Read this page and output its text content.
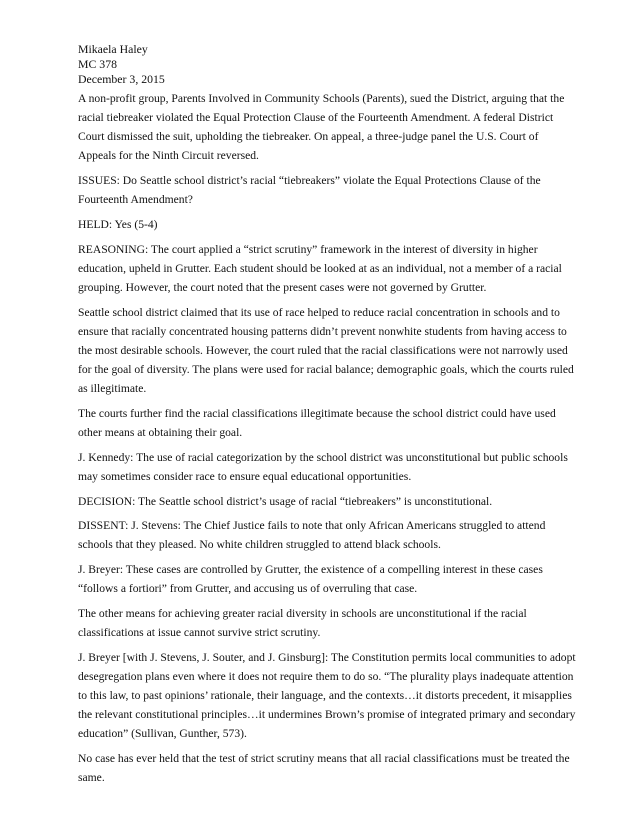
Mikaela Haley

MC 378

December 3, 2015

A non-profit group, Parents Involved in Community Schools (Parents), sued the District, arguing that the racial tiebreaker violated the Equal Protection Clause of the Fourteenth Amendment. A federal District Court dismissed the suit, upholding the tiebreaker. On appeal, a three-judge panel the U.S. Court of Appeals for the Ninth Circuit reversed.

ISSUES: Do Seattle school district’s racial “tiebreakers” violate the Equal Protections Clause of the Fourteenth Amendment?

HELD: Yes (5-4)

REASONING: The court applied a “strict scrutiny” framework in the interest of diversity in higher education, upheld in Grutter. Each student should be looked at as an individual, not a member of a racial grouping. However, the court noted that the present cases were not governed by Grutter.

Seattle school district claimed that its use of race helped to reduce racial concentration in schools and to ensure that racially concentrated housing patterns didn’t prevent nonwhite students from having access to the most desirable schools. However, the court ruled that the racial classifications were not narrowly used for the goal of diversity. The plans were used for racial balance; demographic goals, which the courts ruled as illegitimate.

The courts further find the racial classifications illegitimate because the school district could have used other means at obtaining their goal.

J. Kennedy: The use of racial categorization by the school district was unconstitutional but public schools may sometimes consider race to ensure equal educational opportunities.

DECISION: The Seattle school district’s usage of racial “tiebreakers” is unconstitutional.

DISSENT: J. Stevens: The Chief Justice fails to note that only African Americans struggled to attend schools that they pleased. No white children struggled to attend black schools.

J. Breyer: These cases are controlled by Grutter, the existence of a compelling interest in these cases “follows a fortiori” from Grutter, and accusing us of overruling that case.

The other means for achieving greater racial diversity in schools are unconstitutional if the racial classifications at issue cannot survive strict scrutiny.

J. Breyer [with J. Stevens, J. Souter, and J. Ginsburg]: The Constitution permits local communities to adopt desegregation plans even where it does not require them to do so. “The plurality plays inadequate attention to this law, to past opinions’ rationale, their language, and the contexts…it distorts precedent, it misapplies the relevant constitutional principles…it undermines Brown’s promise of integrated primary and secondary education” (Sullivan, Gunther, 573).

No case has ever held that the test of strict scrutiny means that all racial classifications must be treated the same.
